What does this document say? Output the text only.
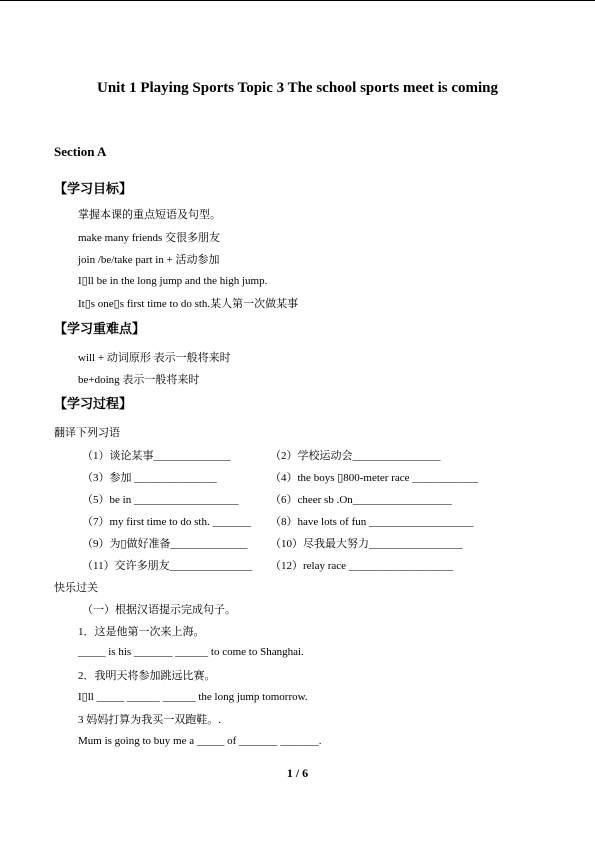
Unit 1 Playing Sports Topic 3 The school sports meet is coming
Section A
【学习目标】
掌握本课的重点短语及句型。
make many friends 交很多朋友
join /be/take part in + 活动参加
I▯ll be in the long jump and the high jump.
It▯s one▯s first time to do sth.某人第一次做某事
【学习重难点】
will + 动词原形 表示一般将来时
be+doing 表示一般将来时
【学习过程】
翻译下列习语
（1）谈论某事______________	（2）学校运动会________________
（3）参加 _______________	（4）the boys ▯800-meter race ____________
（5）be in ___________________	（6）cheer sb .On__________________
（7）my first time to do sth. _______ （8）have lots of fun ___________________
（9）为▯做好准备______________ （10）尽我最大努力_________________
（11）交许多朋友_______________ （12）relay race ___________________
快乐过关
（一）根据汉语提示完成句子。
1．这是他第一次来上海。
_____ is his _______ ______ to come to Shanghai.
2．我明天将参加跳远比赛。
I▯ll _____ ______ ______ the long jump tomorrow.
3 妈妈打算为我买一双跑鞋。.
Mum is going to buy me a _____ of _______ _______.
1 / 6
